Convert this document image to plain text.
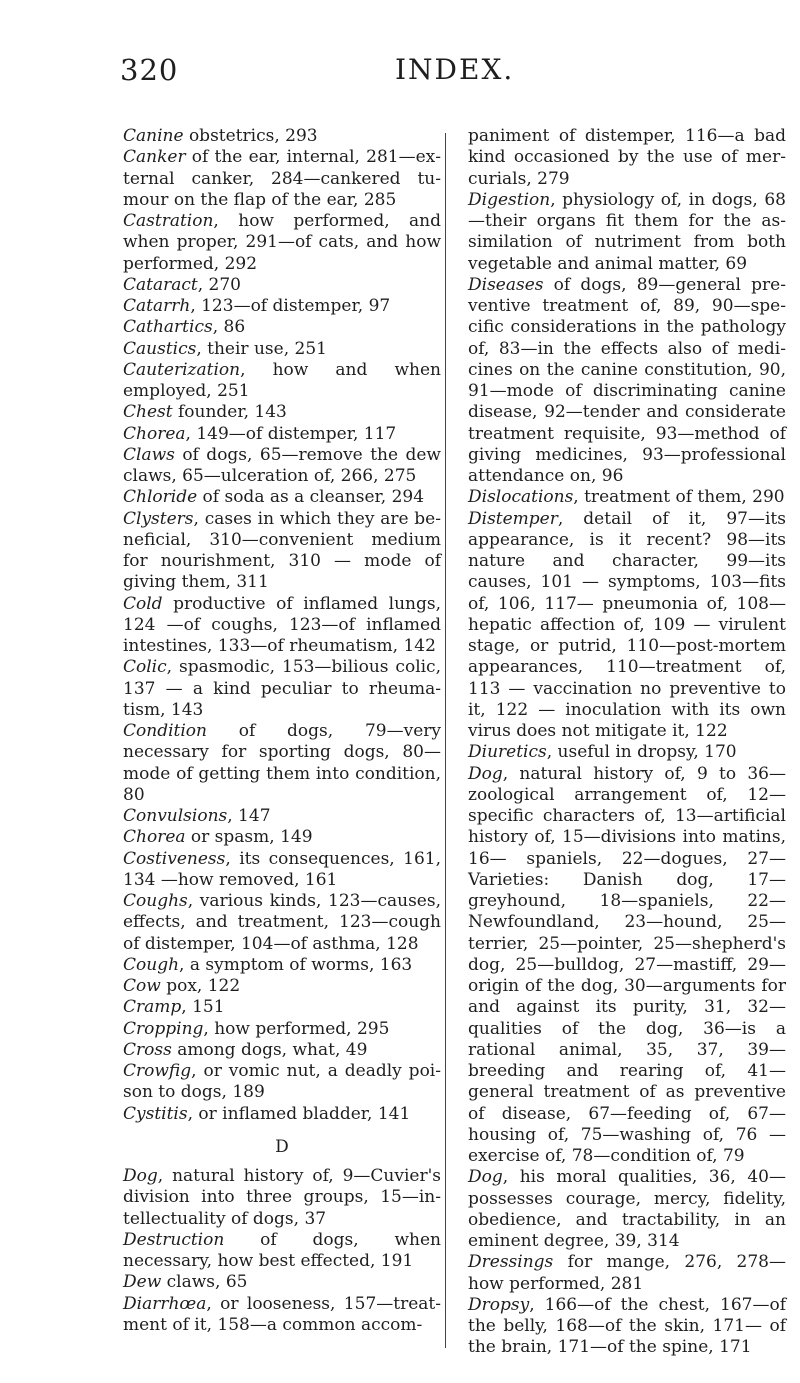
320	INDEX.

Canine obstetrics, 293

Canker of the ear, internal, 281—external canker, 284—cankered tumour on the flap of the ear, 285

Castration, how performed, and when proper, 291—of cats, and how performed, 292

Cataract, 270

Catarrh, 123—of distemper, 97

Cathartics, 86

Caustics, their use, 251

Cauterization, how and when employed, 251

Chest founder, 143

Chorea, 149—of distemper, 117

Claws of dogs, 65—remove the dew claws, 65—ulceration of, 266, 275

Chloride of soda as a cleanser, 294

Clysters, cases in which they are beneficial, 310—convenient medium for nourishment, 310 — mode of giving them, 311

Cold productive of inflamed lungs, 124 —of coughs, 123—of inflamed intestines, 133—of rheumatism, 142

Colic, spasmodic, 153—bilious colic, 137 — a kind peculiar to rheumatism, 143

Condition of dogs, 79—very necessary for sporting dogs, 80—mode of getting them into condition, 80

Convulsions, 147

Chorea or spasm, 149

Costiveness, its consequences, 161, 134 —how removed, 161

Coughs, various kinds, 123—causes, effects, and treatment, 123—cough of distemper, 104—of asthma, 128

Cough, a symptom of worms, 163

Cow pox, 122

Cramp, 151

Cropping, how performed, 295

Cross among dogs, what, 49

Crowfig, or vomic nut, a deadly poison to dogs, 189

Cystitis, or inflamed bladder, 141

D

Dog, natural history of, 9—Cuvier's division into three groups, 15—intellectuality of dogs, 37

Destruction of dogs, when necessary, how best effected, 191

Dew claws, 65

Diarrhœa, or looseness, 157—treatment of it, 158—a common accom-

paniment of distemper, 116—a bad kind occasioned by the use of mercurials, 279

Digestion, physiology of, in dogs, 68 —their organs fit them for the assimilation of nutriment from both vegetable and animal matter, 69

Diseases of dogs, 89—general preventive treatment of, 89, 90—specific considerations in the pathology of, 83—in the effects also of medicines on the canine constitution, 90, 91—mode of discriminating canine disease, 92—tender and considerate treatment requisite, 93—method of giving medicines, 93—professional attendance on, 96

Dislocations, treatment of them, 290

Distemper, detail of it, 97—its appearance, is it recent? 98—its nature and character, 99—its causes, 101 — symptoms, 103—fits of, 106, 117— pneumonia of, 108—hepatic affection of, 109 — virulent stage, or putrid, 110—post-mortem appearances, 110—treatment of, 113 — vaccination no preventive to it, 122 — inoculation with its own virus does not mitigate it, 122

Diuretics, useful in dropsy, 170

Dog, natural history of, 9 to 36—zoological arrangement of, 12—specific characters of, 13—artificial history of, 15—divisions into matins, 16— spaniels, 22—dogues, 27—Varieties: Danish dog, 17—greyhound, 18—spaniels, 22—Newfoundland, 23—hound, 25—terrier, 25—pointer, 25—shepherd's dog, 25—bulldog, 27—mastiff, 29—origin of the dog, 30—arguments for and against its purity, 31, 32—qualities of the dog, 36—is a rational animal, 35, 37, 39—breeding and rearing of, 41—general treatment of as preventive of disease, 67—feeding of, 67—housing of, 75—washing of, 76 —exercise of, 78—condition of, 79

Dog, his moral qualities, 36, 40— possesses courage, mercy, fidelity, obedience, and tractability, in an eminent degree, 39, 314

Dressings for mange, 276, 278—how performed, 281

Dropsy, 166—of the chest, 167—of the belly, 168—of the skin, 171— of the brain, 171—of the spine, 171
